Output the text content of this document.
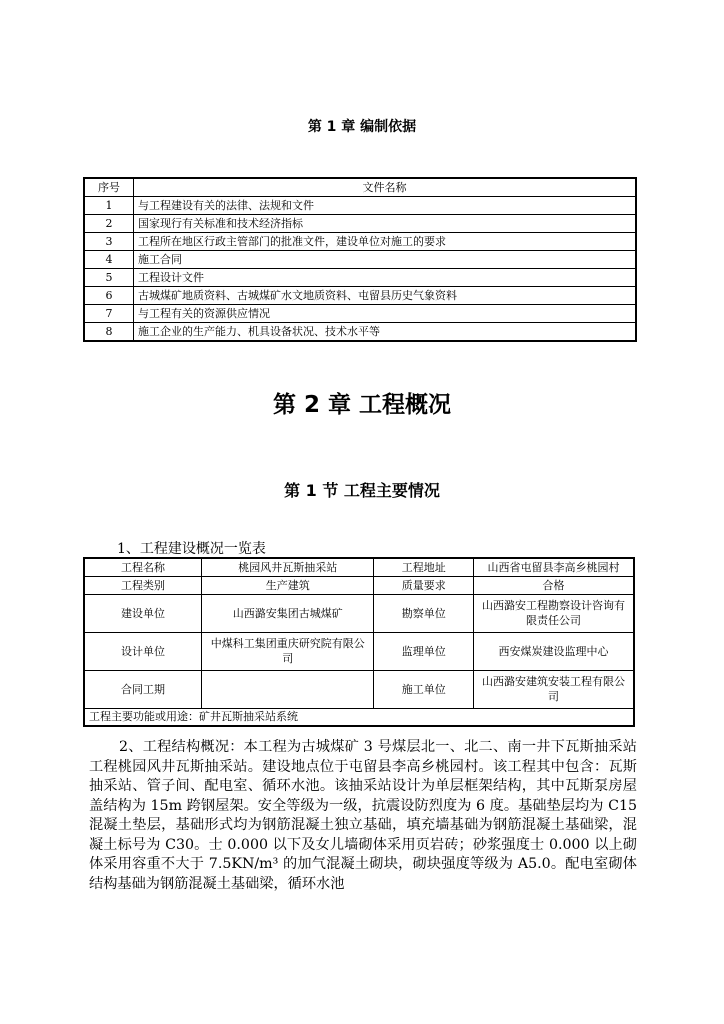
第 1 章 编制依据
序号	文件名称
1	与工程建设有关的法律、法规和文件
2	国家现行有关标准和技术经济指标
3	工程所在地区行政主管部门的批准文件，建设单位对施工的要求
4	施工合同
5	工程设计文件
6	古城煤矿地质资料、古城煤矿水文地质资料、屯留县历史气象资料
7	与工程有关的资源供应情况
8	施工企业的生产能力、机具设备状况、技术水平等
第 2 章 工程概况
第 1 节 工程主要情况
1、工程建设概况一览表
工程名称	桃园风井瓦斯抽采站	工程地址	山西省屯留县李高乡桃园村
工程类别	生产建筑	质量要求	合格
建设单位	山西潞安集团古城煤矿	勘察单位	山西潞安工程勘察设计咨询有限责任公司
设计单位	中煤科工集团重庆研究院有限公司	监理单位	西安煤炭建设监理中心
合同工期		施工单位	山西潞安建筑安装工程有限公司
工程主要功能或用途：矿井瓦斯抽采站系统			

2、工程结构概况：本工程为古城煤矿 3 号煤层北一、北二、南一井下瓦斯抽采站工程桃园风井瓦斯抽采站。建设地点位于屯留县李高乡桃园村。该工程其中包含：瓦斯抽采站、管子间、配电室、循环水池。该抽采站设计为单层框架结构，其中瓦斯泵房屋盖结构为 15m 跨钢屋架。安全等级为一级，抗震设防烈度为 6 度。基础垫层均为 C15 混凝土垫层，基础形式均为钢筋混凝土独立基础，填充墙基础为钢筋混凝土基础梁，混凝土标号为 C30。士 0.000 以下及女儿墙砌体采用页岩砖；砂浆强度士 0.000 以上砌体采用容重不大于 7.5KN/m³ 的加气混凝土砌块，砌块强度等级为 A5.0。配电室砌体结构基础为钢筋混凝土基础梁，循环水池
